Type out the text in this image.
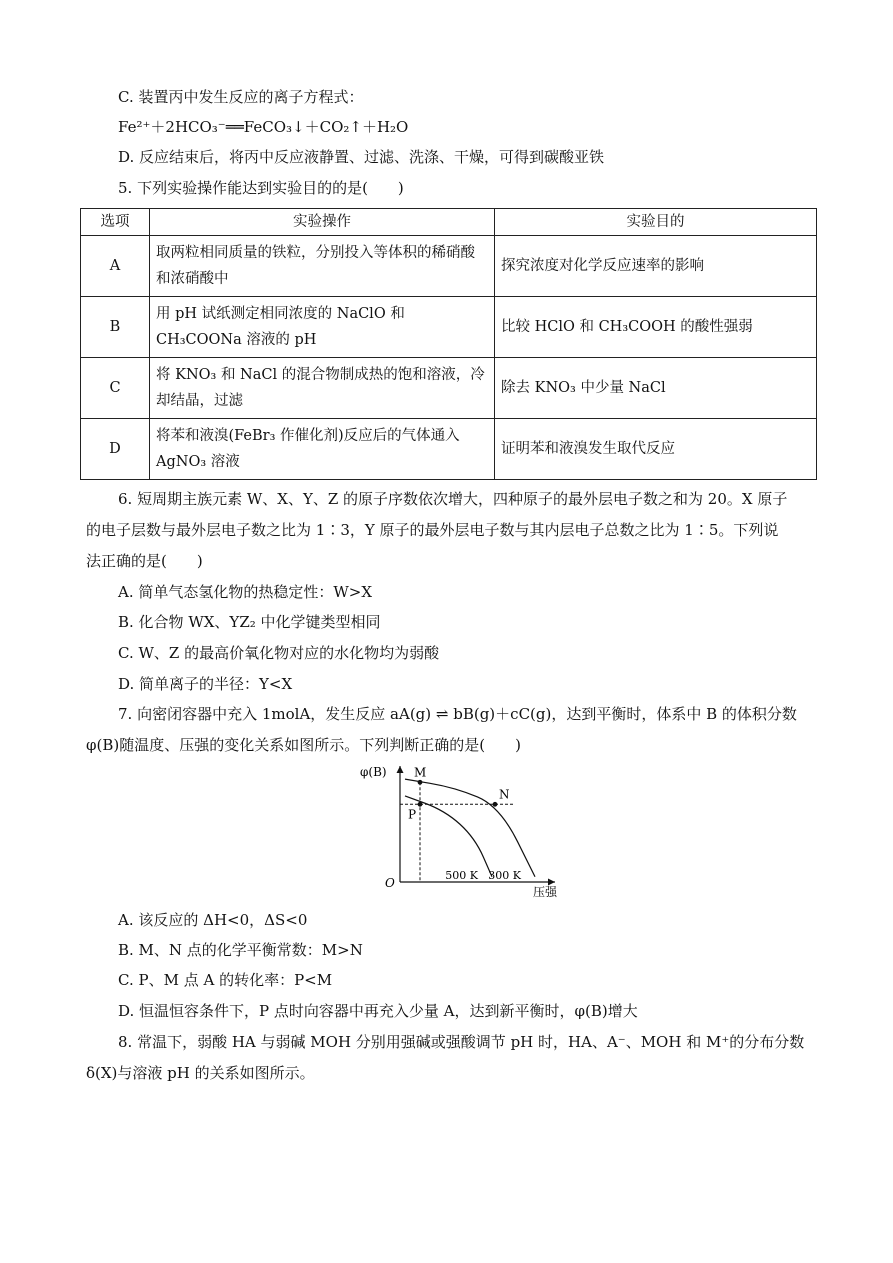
C. 装置丙中发生反应的离子方程式：
Fe²⁺＋2HCO₃⁻══FeCO₃↓＋CO₂↑＋H₂O
D. 反应结束后，将丙中反应液静置、过滤、洗涤、干燥，可得到碳酸亚铁
5. 下列实验操作能达到实验目的的是(　　)
选项	实验操作	实验目的
A	取两粒相同质量的铁粒，分别投入等体积的稀硝酸和浓硝酸中	探究浓度对化学反应速率的影响
B	用 pH 试纸测定相同浓度的 NaClO 和 CH₃COONa 溶液的 pH	比较 HClO 和 CH₃COOH 的酸性强弱
C	将 KNO₃ 和 NaCl 的混合物制成热的饱和溶液，冷却结晶，过滤	除去 KNO₃ 中少量 NaCl
D	将苯和液溴(FeBr₃ 作催化剂)反应后的气体通入 AgNO₃ 溶液	证明苯和液溴发生取代反应
6. 短周期主族元素 W、X、Y、Z 的原子序数依次增大，四种原子的最外层电子数之和为 20。X 原子
的电子层数与最外层电子数之比为 1∶3，Y 原子的最外层电子数与其内层电子总数之比为 1∶5。下列说
法正确的是(　　)
A. 简单气态氢化物的热稳定性：W>X
B. 化合物 WX、YZ₂ 中化学键类型相同
C. W、Z 的最高价氧化物对应的水化物均为弱酸
D. 简单离子的半径：Y<X
7. 向密闭容器中充入 1molA，发生反应 aA(g) ⇌ bB(g)＋cC(g)，达到平衡时，体系中 B 的体积分数
φ(B)随温度、压强的变化关系如图所示。下列判断正确的是(　　)
φ(B)
压强
O
500 K 300 K
M
N
P
A. 该反应的 ΔH<0，ΔS<0
B. M、N 点的化学平衡常数：M>N
C. P、M 点 A 的转化率：P<M
D. 恒温恒容条件下，P 点时向容器中再充入少量 A，达到新平衡时，φ(B)增大
8. 常温下，弱酸 HA 与弱碱 MOH 分别用强碱或强酸调节 pH 时，HA、A⁻、MOH 和 M⁺的分布分数
δ(X)与溶液 pH 的关系如图所示。
